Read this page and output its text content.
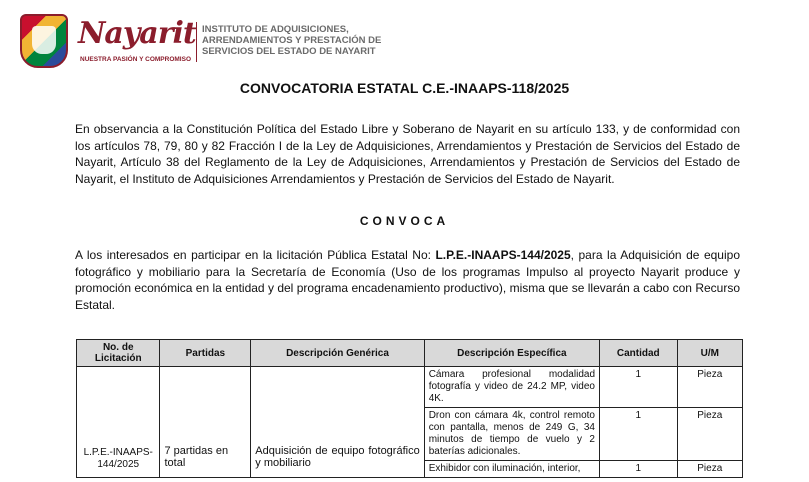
Nayarit
NUESTRA PASIÓN Y COMPROMISO
INSTITUTO DE ADQUISICIONES,
ARRENDAMIENTOS Y PRESTACIÓN DE
SERVICIOS DEL ESTADO DE NAYARIT
CONVOCATORIA ESTATAL C.E.-INAAPS-118/2025
En observancia a la Constitución Política del Estado Libre y Soberano de Nayarit en su artículo 133, y de conformidad con los artículos 78, 79, 80 y 82 Fracción I de la Ley de Adquisiciones, Arrendamientos y Prestación de Servicios del Estado de Nayarit, Artículo 38 del Reglamento de la Ley de Adquisiciones, Arrendamientos y Prestación de Servicios del Estado de Nayarit, el Instituto de Adquisiciones Arrendamientos y Prestación de Servicios del Estado de Nayarit.
CONVOCA
A los interesados en participar en la licitación Pública Estatal No: L.P.E.-INAAPS-144/2025, para la Adquisición de equipo fotográfico y mobiliario para la Secretaría de Economía (Uso de los programas Impulso al proyecto Nayarit produce y promoción económica en la entidad y del programa encadenamiento productivo), misma que se llevarán a cabo con Recurso Estatal.
No. de Licitación	Partidas	Descripción Genérica	Descripción Específica	Cantidad	U/M
L.P.E.-INAAPS-144/2025	7 partidas en total	Adquisición de equipo fotográfico y mobiliario	Cámara profesional modalidad fotografía y video de 24.2 MP, video 4K.	1	Pieza
			Dron con cámara 4k, control remoto con pantalla, menos de 249 G, 34 minutos de tiempo de vuelo y 2 baterías adicionales.	1	Pieza
			Exhibidor con iluminación, interior,	1	Pieza
